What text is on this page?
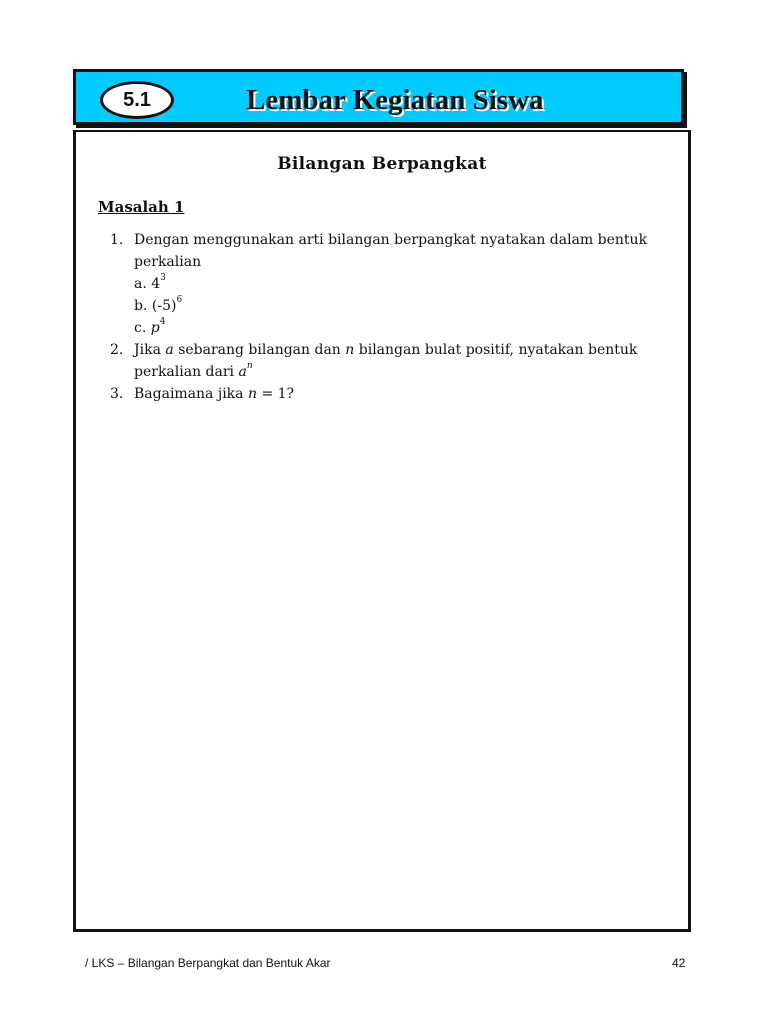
5.1	Lembar Kegiatan Siswa
Bilangan Berpangkat
Masalah 1
1. Dengan menggunakan arti bilangan berpangkat nyatakan dalam bentuk perkalian
a. $4^3$
b. $(-5)^6$
c. $p^4$
2. Jika a sebarang bilangan dan n bilangan bulat positif, nyatakan bentuk perkalian dari $a^n$
3. Bagaimana jika n = 1?
/ LKS – Bilangan Berpangkat dan Bentuk Akar	42
